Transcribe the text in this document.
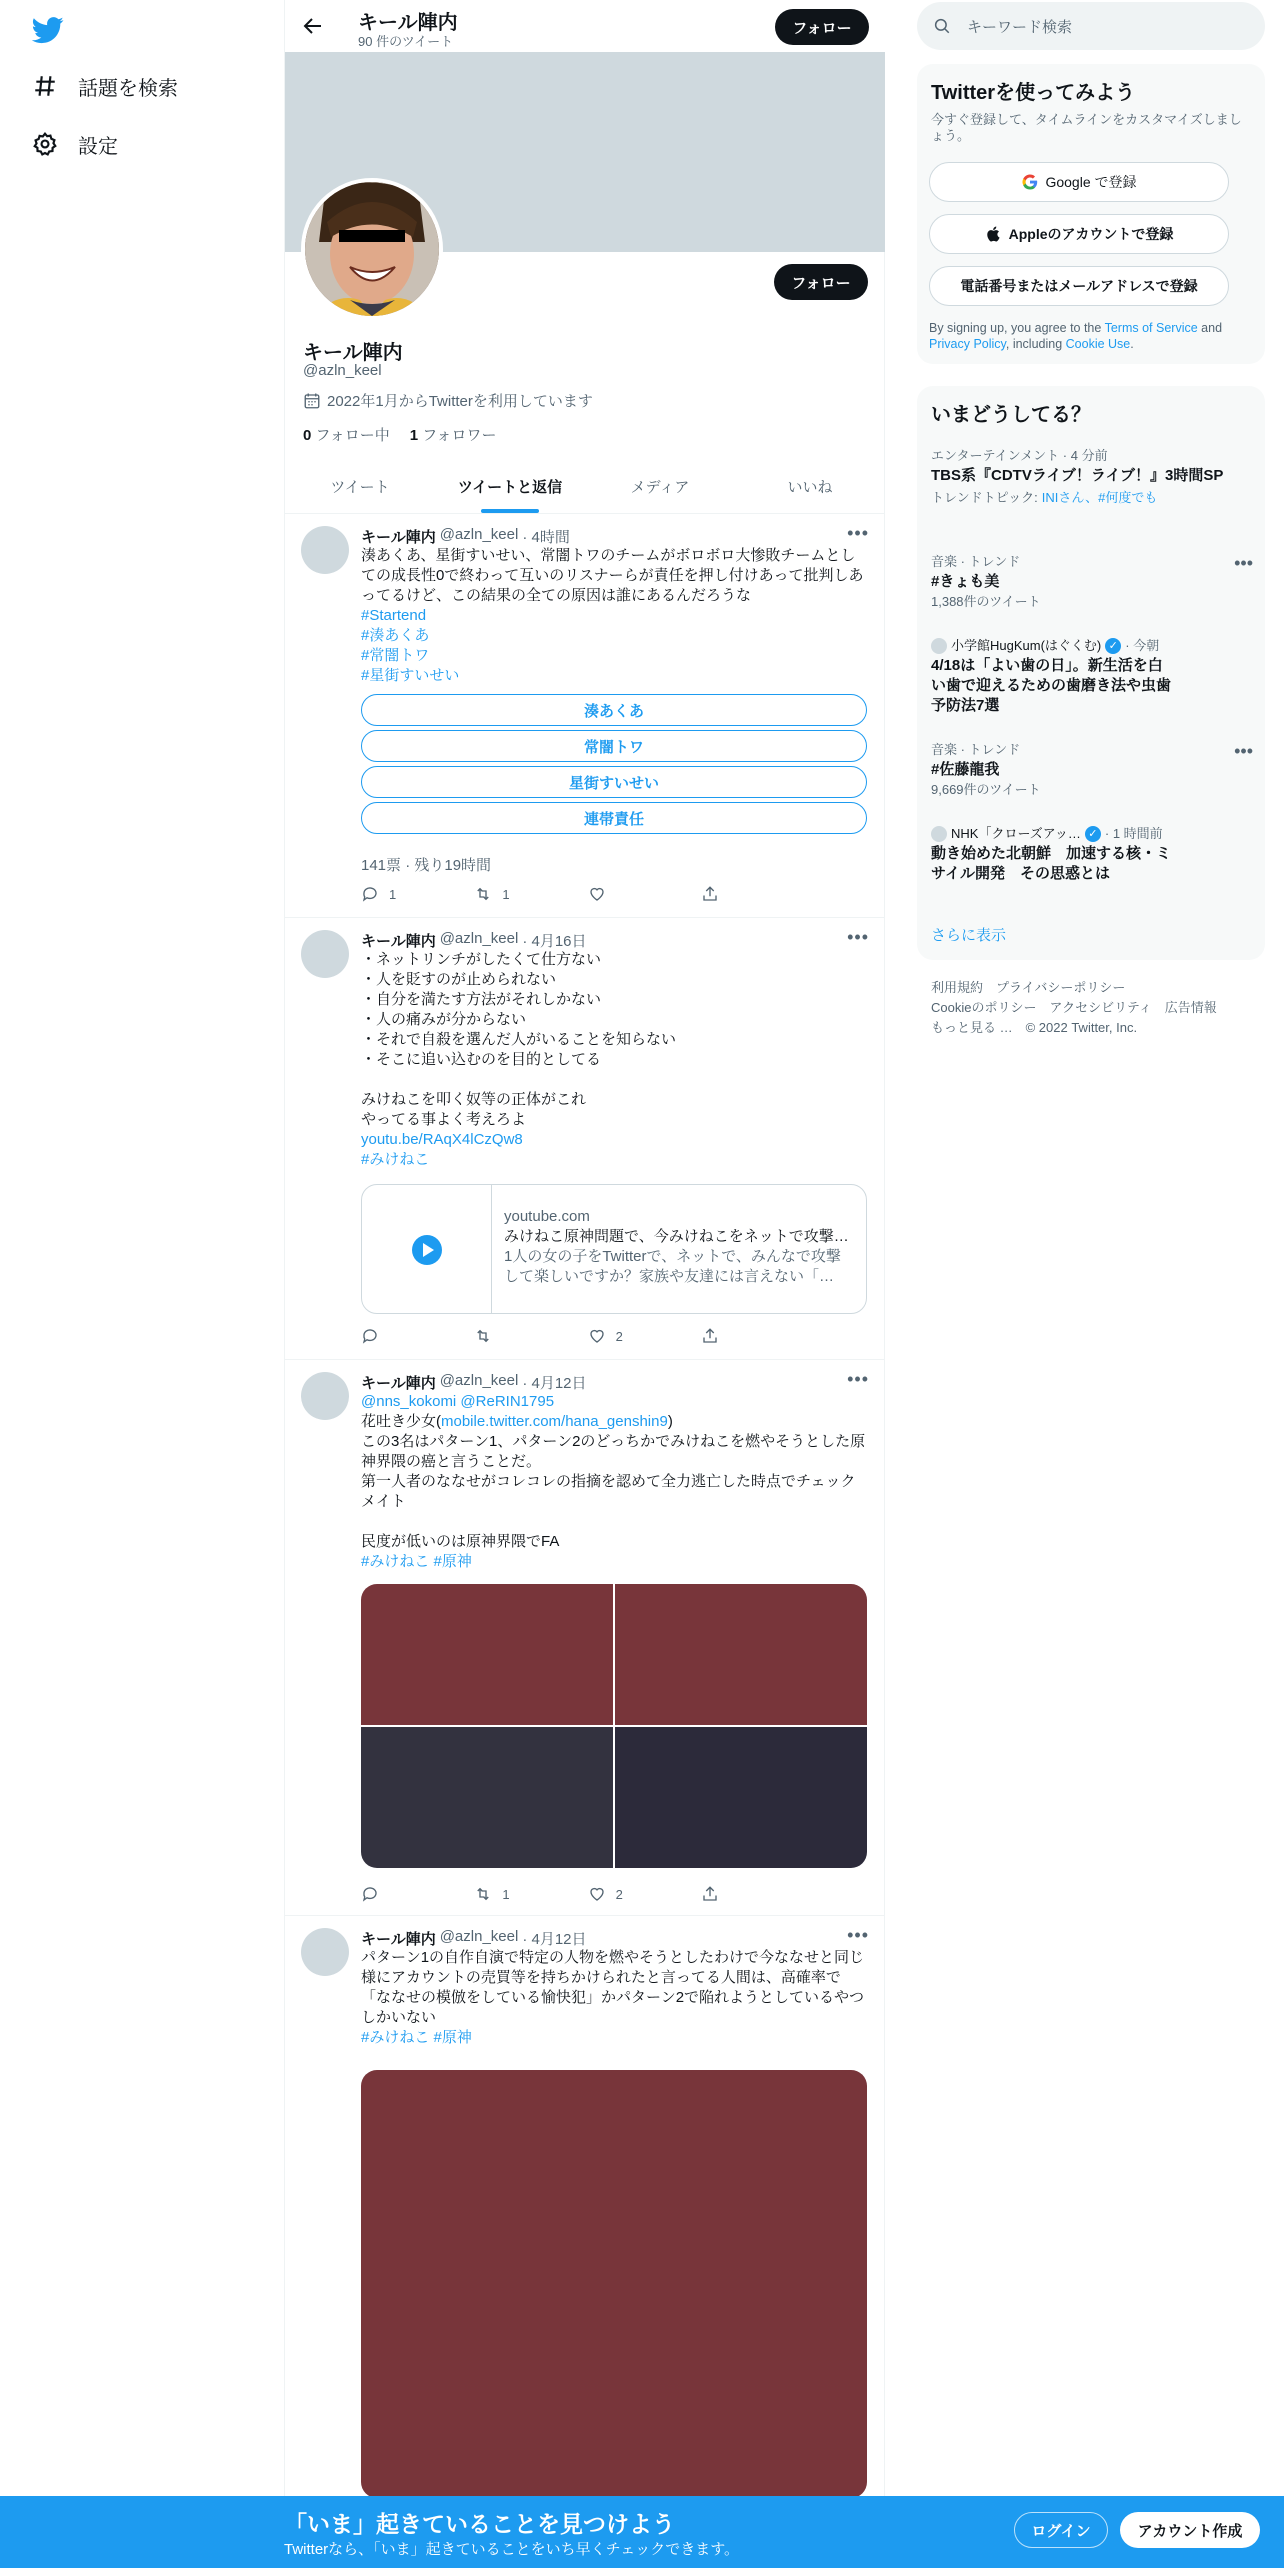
話題を検索
設定
キール陣内
90 件のツイート
フォロー
フォロー
キール陣内
@azln_keel
2022年1月からTwitterを利用しています
0 フォロー中 1 フォロワー
ツイート	ツイートと返信	メディア	いいね
キール陣内 @azln_keel · 4時間	•••
湊あくあ、星街すいせい、常闇トワのチームがボロボロ大惨敗チームとしての成長性0で終わって互いのリスナーらが責任を押し付けあって批判しあってるけど、この結果の全ての原因は誰にあるんだろうな
#Startend
#湊あくあ
#常闇トワ
#星街すいせい
湊あくあ
常闇トワ
星街すいせい
連帯責任
141票 · 残り19時間
1	1
キール陣内 @azln_keel · 4月16日	•••
・ネットリンチがしたくて仕方ない
・人を貶すのが止められない
・自分を満たす方法がそれしかない
・人の痛みが分からない
・それで自殺を選んだ人がいることを知らない
・そこに追い込むのを目的としてる

みけねこを叩く奴等の正体がこれ
やってる事よく考えろよ
youtu.be/RAqX4lCzQw8
#みけねこ
youtube.com
みけねこ原神問題で、今みけねこをネットで攻撃…
1人の女の子をTwitterで、ネットで、みんなで攻撃して楽しいですか？家族や友達には言えない「…
2
キール陣内 @azln_keel · 4月12日	•••
@nns_kokomi @ReRIN1795
花吐き少女(mobile.twitter.com/hana_genshin9)
この3名はパターン1、パターン2のどっちかでみけねこを燃やそうとした原神界隈の癌と言うことだ。
第一人者のななせがコレコレの指摘を認めて全力逃亡した時点でチェックメイト

民度が低いのは原神界隈でFA
#みけねこ #原神
1	2
キール陣内 @azln_keel · 4月12日	•••
パターン1の自作自演で特定の人物を燃やそうとしたわけで今ななせと同じ様にアカウントの売買等を持ちかけられたと言ってる人間は、高確率で「ななせの模倣をしている愉快犯」かパターン2で陥れようとしているやつしかいない
#みけねこ #原神
キーワード検索
Twitterを使ってみよう
今すぐ登録して、タイムラインをカスタマイズしましょう。
Google で登録
Appleのアカウントで登録
電話番号またはメールアドレスで登録
By signing up, you agree to the Terms of Service and Privacy Policy, including Cookie Use.
いまどうしてる？
エンターテインメント · 4 分前
TBS系『CDTVライブ！ライブ！』3時間SP
トレンドトピック: INIさん、#何度でも
音楽 · トレンド
#きょも美
1,388件のツイート
•••
小学館HugKum(はぐくむ) ✓ · 今朝
4/18は「よい歯の日」。新生活を白い歯で迎えるための歯磨き法や虫歯予防法7選
音楽 · トレンド
#佐藤龍我
9,669件のツイート
•••
NHK「クローズアッ… ✓ · 1 時間前
動き始めた北朝鮮　加速する核・ミサイル開発　その思惑とは
さらに表示
利用規約　プライバシーポリシー
Cookieのポリシー　アクセシビリティ　広告情報
もっと見る …　© 2022 Twitter, Inc.
「いま」起きていることを見つけよう
Twitterなら、「いま」起きていることをいち早くチェックできます。
ログイン	アカウント作成
